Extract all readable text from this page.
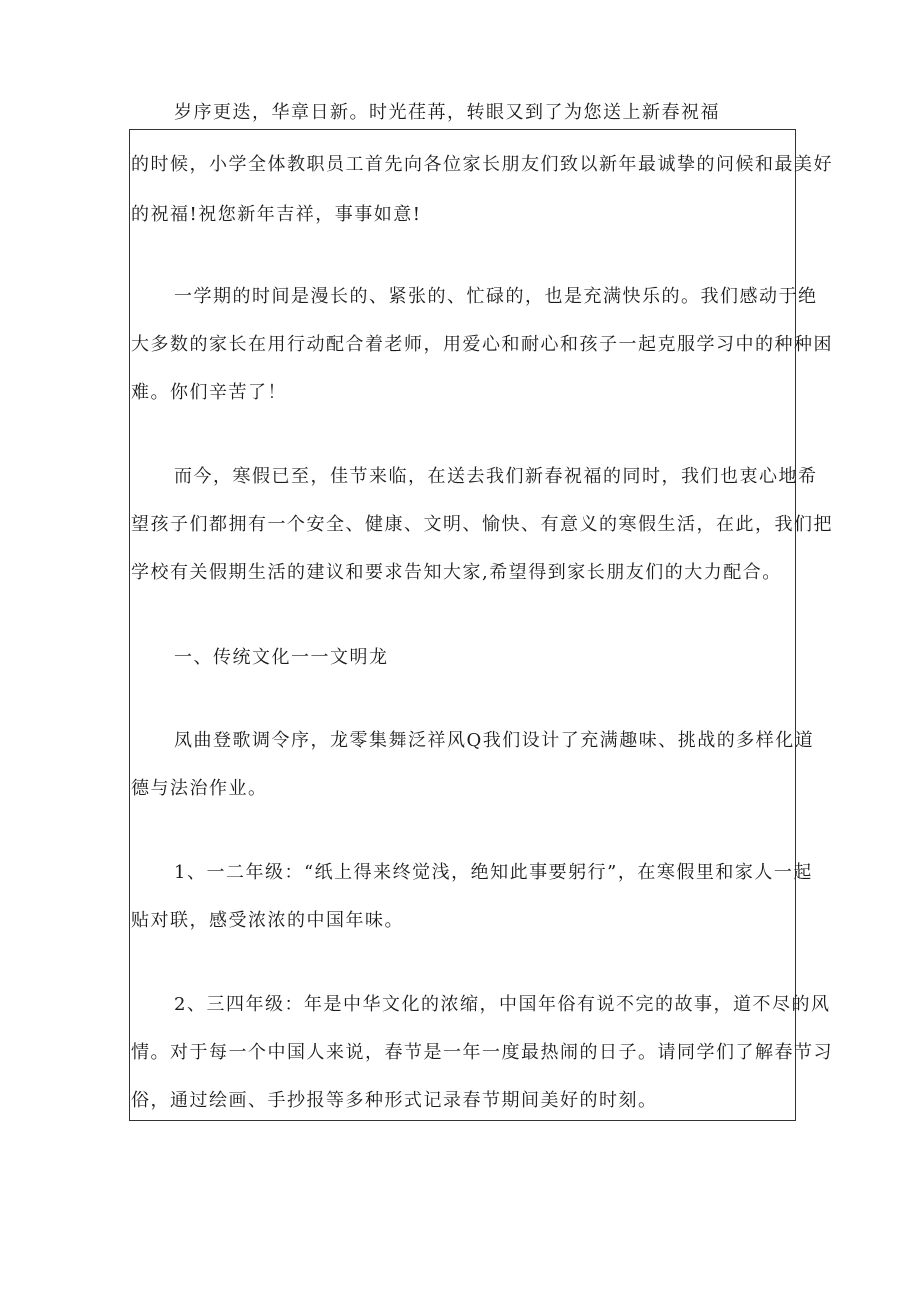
岁序更迭，华章日新。时光荏苒，转眼又到了为您送上新春祝福
的时候，小学全体教职员工首先向各位家长朋友们致以新年最诚挚的问候和最美好
的祝福!祝您新年吉祥，事事如意!
一学期的时间是漫长的、紧张的、忙碌的，也是充满快乐的。我们感动于绝
大多数的家长在用行动配合着老师，用爱心和耐心和孩子一起克服学习中的种种困
难。你们辛苦了！
而今，寒假已至，佳节来临，在送去我们新春祝福的同时，我们也衷心地希
望孩子们都拥有一个安全、健康、文明、愉快、有意义的寒假生活，在此，我们把
学校有关假期生活的建议和要求告知大家,希望得到家长朋友们的大力配合。
一、传统文化一一文明龙
凤曲登歌调令序，龙零集舞泛祥风Q我们设计了充满趣味、挑战的多样化道
德与法治作业。
1、一二年级：“纸上得来终觉浅，绝知此事要躬行”，在寒假里和家人一起
贴对联，感受浓浓的中国年味。
2、三四年级：年是中华文化的浓缩，中国年俗有说不完的故事，道不尽的风
情。对于每一个中国人来说，春节是一年一度最热闹的日子。请同学们了解春节习
俗，通过绘画、手抄报等多种形式记录春节期间美好的时刻。
